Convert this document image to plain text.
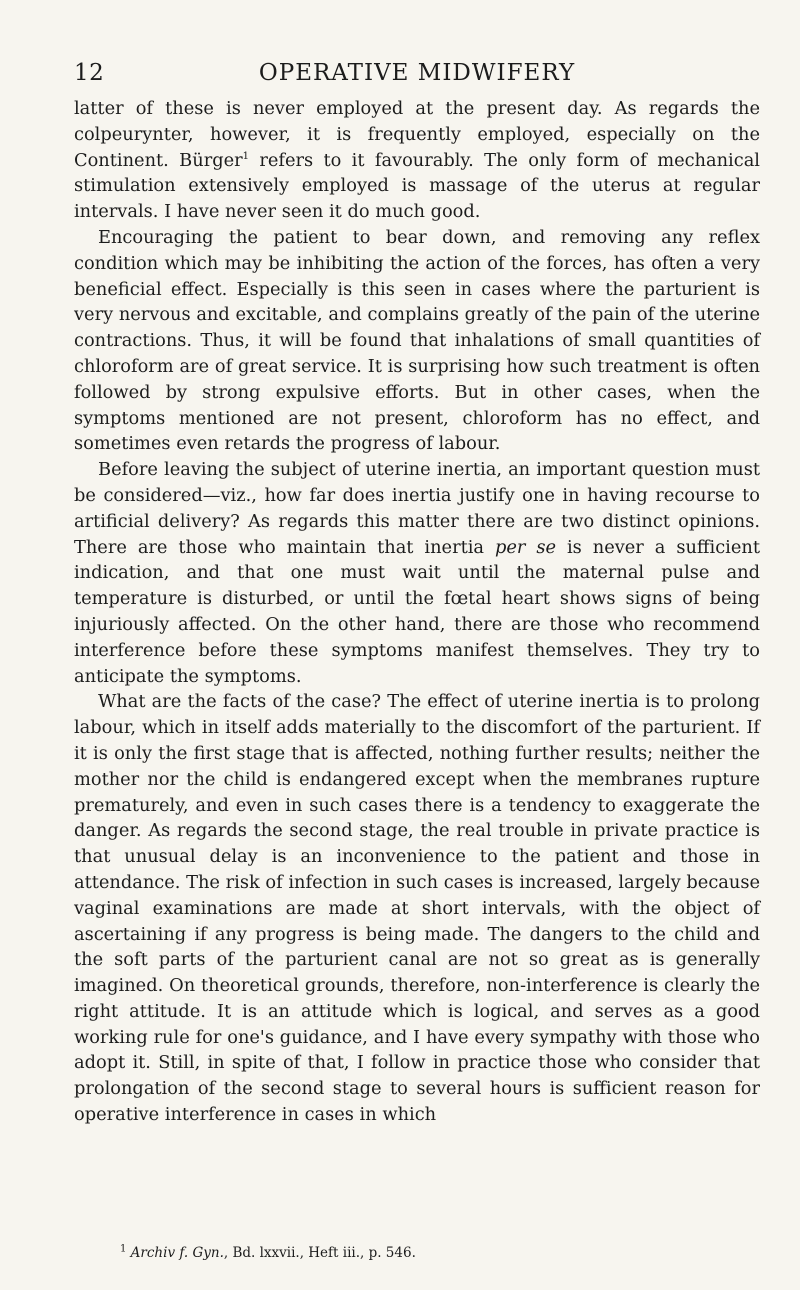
12	OPERATIVE MIDWIFERY

latter of these is never employed at the present day. As regards the colpeurynter, however, it is frequently employed, especially on the Continent. Bürger$^1$ refers to it favourably. The only form of mechanical stimulation extensively employed is massage of the uterus at regular intervals. I have never seen it do much good.

Encouraging the patient to bear down, and removing any reflex condition which may be inhibiting the action of the forces, has often a very beneficial effect. Especially is this seen in cases where the parturient is very nervous and excitable, and complains greatly of the pain of the uterine contractions. Thus, it will be found that inhalations of small quantities of chloroform are of great service. It is surprising how such treatment is often followed by strong expulsive efforts. But in other cases, when the symptoms mentioned are not present, chloroform has no effect, and sometimes even retards the progress of labour.

Before leaving the subject of uterine inertia, an important question must be considered—viz., how far does inertia justify one in having recourse to artificial delivery? As regards this matter there are two distinct opinions. There are those who maintain that inertia per se is never a sufficient indication, and that one must wait until the maternal pulse and temperature is disturbed, or until the fœtal heart shows signs of being injuriously affected. On the other hand, there are those who recommend interference before these symptoms manifest themselves. They try to anticipate the symptoms.

What are the facts of the case? The effect of uterine inertia is to prolong labour, which in itself adds materially to the discomfort of the parturient. If it is only the first stage that is affected, nothing further results; neither the mother nor the child is endangered except when the membranes rupture prematurely, and even in such cases there is a tendency to exaggerate the danger. As regards the second stage, the real trouble in private practice is that unusual delay is an inconvenience to the patient and those in attendance. The risk of infection in such cases is increased, largely because vaginal examinations are made at short intervals, with the object of ascertaining if any progress is being made. The dangers to the child and the soft parts of the parturient canal are not so great as is generally imagined. On theoretical grounds, therefore, non-interference is clearly the right attitude. It is an attitude which is logical, and serves as a good working rule for one's guidance, and I have every sympathy with those who adopt it. Still, in spite of that, I follow in practice those who consider that prolongation of the second stage to several hours is sufficient reason for operative interference in cases in which

$^1$ Archiv f. Gyn., Bd. lxxvii., Heft iii., p. 546.
